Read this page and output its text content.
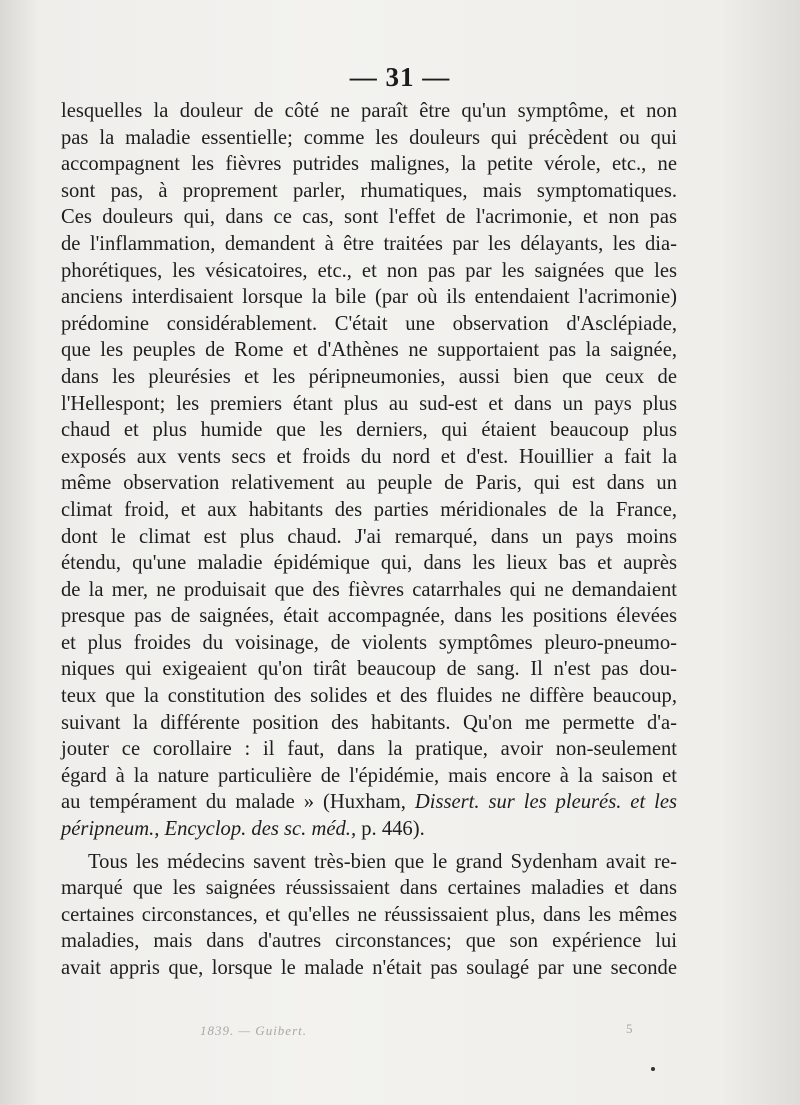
— 31 —
lesquelles la douleur de côté ne paraît être qu'un symptôme, et non
pas la maladie essentielle; comme les douleurs qui précèdent ou qui
accompagnent les fièvres putrides malignes, la petite vérole, etc., ne
sont pas, à proprement parler, rhumatiques, mais symptomatiques.
Ces douleurs qui, dans ce cas, sont l'effet de l'acrimonie, et non pas
de l'inflammation, demandent à être traitées par les délayants, les dia-
phorétiques, les vésicatoires, etc., et non pas par les saignées que les
anciens interdisaient lorsque la bile (par où ils entendaient l'acrimonie)
prédomine considérablement. C'était une observation d'Asclépiade,
que les peuples de Rome et d'Athènes ne supportaient pas la saignée,
dans les pleurésies et les péripneumonies, aussi bien que ceux de
l'Hellespont; les premiers étant plus au sud-est et dans un pays plus
chaud et plus humide que les derniers, qui étaient beaucoup plus
exposés aux vents secs et froids du nord et d'est. Houillier a fait la
même observation relativement au peuple de Paris, qui est dans un
climat froid, et aux habitants des parties méridionales de la France,
dont le climat est plus chaud. J'ai remarqué, dans un pays moins
étendu, qu'une maladie épidémique qui, dans les lieux bas et auprès
de la mer, ne produisait que des fièvres catarrhales qui ne demandaient
presque pas de saignées, était accompagnée, dans les positions élevées
et plus froides du voisinage, de violents symptômes pleuro-pneumo-
niques qui exigeaient qu'on tirât beaucoup de sang. Il n'est pas dou-
teux que la constitution des solides et des fluides ne diffère beaucoup,
suivant la différente position des habitants. Qu'on me permette d'a-
jouter ce corollaire : il faut, dans la pratique, avoir non-seulement
égard à la nature particulière de l'épidémie, mais encore à la saison et
au tempérament du malade » (Huxham, Dissert. sur les pleurés. et les
péripneum., Encyclop. des sc. méd., p. 446).
Tous les médecins savent très-bien que le grand Sydenham avait re-
marqué que les saignées réussissaient dans certaines maladies et dans
certaines circonstances, et qu'elles ne réussissaient plus, dans les mêmes
maladies, mais dans d'autres circonstances; que son expérience lui
avait appris que, lorsque le malade n'était pas soulagé par une seconde
1839. — Guibert.	5
